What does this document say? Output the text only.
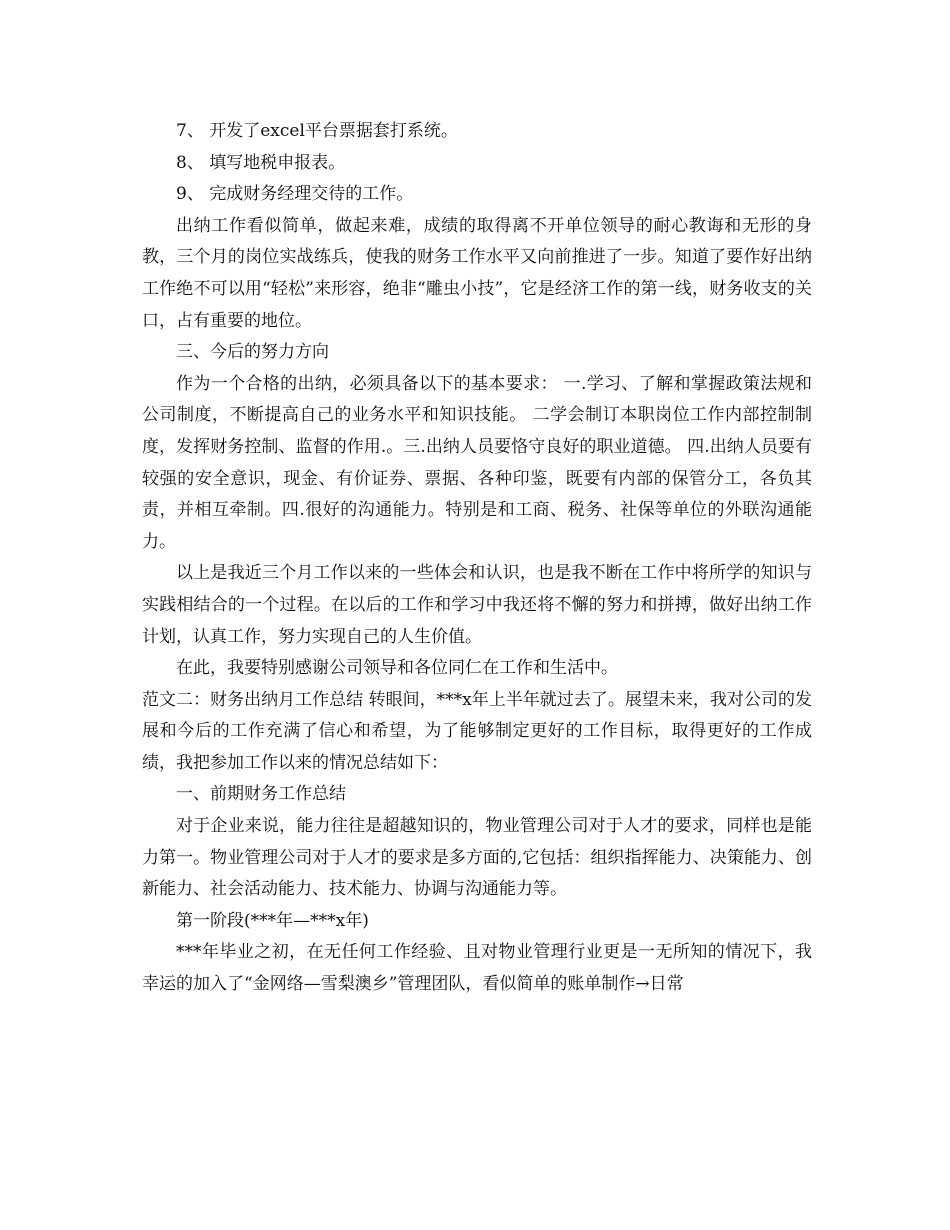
7、 开发了excel平台票据套打系统。

8、 填写地税申报表。

9、 完成财务经理交待的工作。

出纳工作看似简单，做起来难，成绩的取得离不开单位领导的耐心教诲和无形的身教，三个月的岗位实战练兵，使我的财务工作水平又向前推进了一步。知道了要作好出纳工作绝不可以用“轻松”来形容，绝非“雕虫小技”，它是经济工作的第一线，财务收支的关口，占有重要的地位。

三、今后的努力方向

作为一个合格的出纳，必须具备以下的基本要求： 一.学习、了解和掌握政策法规和公司制度，不断提高自己的业务水平和知识技能。 二学会制订本职岗位工作内部控制制度，发挥财务控制、监督的作用.。三.出纳人员要恪守良好的职业道德。 四.出纳人员要有较强的安全意识，现金、有价证券、票据、各种印鉴，既要有内部的保管分工，各负其责，并相互牵制。四.很好的沟通能力。特别是和工商、税务、社保等单位的外联沟通能力。

以上是我近三个月工作以来的一些体会和认识，也是我不断在工作中将所学的知识与实践相结合的一个过程。在以后的工作和学习中我还将不懈的努力和拼搏，做好出纳工作计划，认真工作，努力实现自己的人生价值。

在此，我要特别感谢公司领导和各位同仁在工作和生活中。

范文二：财务出纳月工作总结 转眼间，***x年上半年就过去了。展望未来，我对公司的发展和今后的工作充满了信心和希望，为了能够制定更好的工作目标，取得更好的工作成绩，我把参加工作以来的情况总结如下：

一、前期财务工作总结

对于企业来说，能力往往是超越知识的，物业管理公司对于人才的要求，同样也是能力第一。物业管理公司对于人才的要求是多方面的,它包括：组织指挥能力、决策能力、创新能力、社会活动能力、技术能力、协调与沟通能力等。

第一阶段(***年—***x年)

***年毕业之初，在无任何工作经验、且对物业管理行业更是一无所知的情况下，我幸运的加入了“金网络—雪梨澳乡”管理团队，看似简单的账单制作→日常
